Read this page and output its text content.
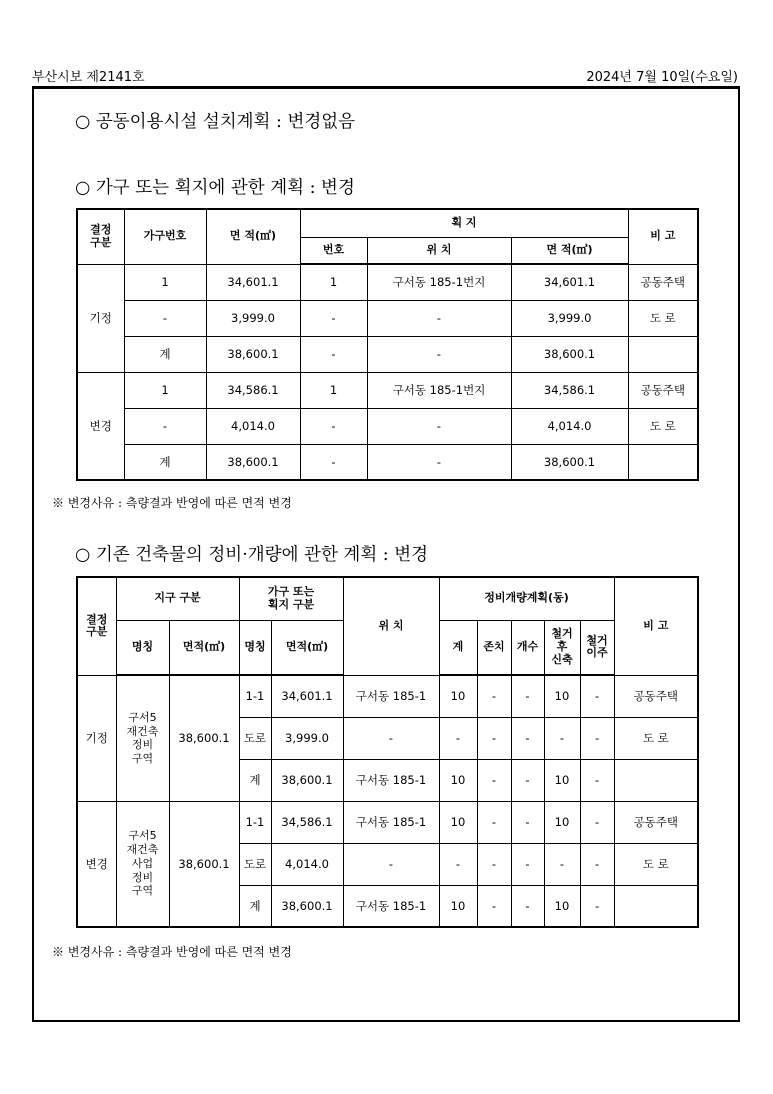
부산시보 제2141호	2024년 7월 10일(수요일)
○ 공동이용시설 설치계획 : 변경없음
○ 가구 또는 획지에 관한 계획 : 변경
결정
구분	가구번호	면 적(㎡)	획 지			비 고
			번호	위 치	면 적(㎡)	
기정	1	34,601.1	1	구서동 185-1번지	34,601.1	공동주택
	-	3,999.0	-	-	3,999.0	도 로
	계	38,600.1	-	-	38,600.1	
변경	1	34,586.1	1	구서동 185-1번지	34,586.1	공동주택
	-	4,014.0	-	-	4,014.0	도 로
	계	38,600.1	-	-	38,600.1	
※ 변경사유 : 측량결과 반영에 따른 면적 변경
○ 기존 건축물의 정비·개량에 관한 계획 : 변경
결정
구분	지구 구분		가구 또는
획지 구분		위 치	정비개량계획(동)					비 고
	명칭	면적(㎡)	명칭	면적(㎡)		계	존치	개수	철거
후
신축	철거
이주	
기정	구서5
재건축
정비
구역	38,600.1	1-1	34,601.1	구서동 185-1	10	-	-	10	-	공동주택
			도로	3,999.0	-	-	-	-	-	-	도 로
			계	38,600.1	구서동 185-1	10	-	-	10	-	
변경	구서5
재건축
사업
정비
구역	38,600.1	1-1	34,586.1	구서동 185-1	10	-	-	10	-	공동주택
			도로	4,014.0	-	-	-	-	-	-	도 로
			계	38,600.1	구서동 185-1	10	-	-	10	-	
※ 변경사유 : 측량결과 반영에 따른 면적 변경
